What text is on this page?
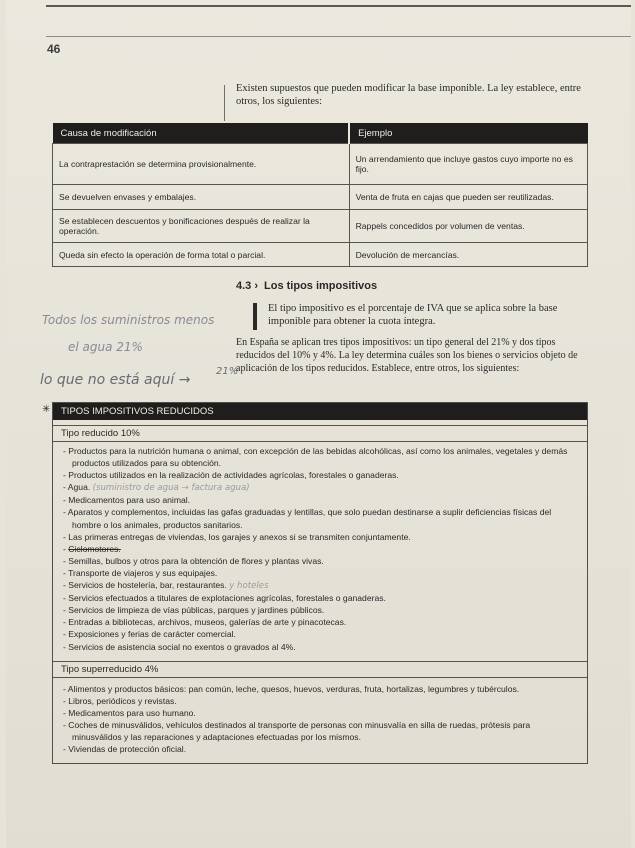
46
Existen supuestos que pueden modificar la base imponible. La ley establece, entre otros, los siguientes:
Causa de modificación	Ejemplo
La contraprestación se determina provisionalmente.	Un arrendamiento que incluye gastos cuyo importe no es fijo.
Se devuelven envases y embalajes.	Venta de fruta en cajas que pueden ser reutilizadas.
Se establecen descuentos y bonificaciones después de realizar la operación.	Rappels concedidos por volumen de ventas.
Queda sin efecto la operación de forma total o parcial.	Devolución de mercancías.
4.3 › Los tipos impositivos
El tipo impositivo es el porcentaje de IVA que se aplica sobre la base imponible para obtener la cuota íntegra.
En España se aplican tres tipos impositivos: un tipo general del 21% y dos tipos reducidos del 10% y 4%. La ley determina cuáles son los bienes o servicios objeto de aplicación de los tipos reducidos. Establece, entre otros, los siguientes:
Todos los suministros menos
el agua 21%
lo que no está aquí →
21%
✳	TIPOS IMPOSITIVOS REDUCIDOS
Tipo reducido 10%
- Productos para la nutrición humana o animal, con excepción de las bebidas alcohólicas, así como los animales, vegetales y demás productos utilizados para su obtención.
- Productos utilizados en la realización de actividades agrícolas, forestales o ganaderas.
- Agua. (suministro de agua → factura agua)
- Medicamentos para uso animal.
- Aparatos y complementos, incluidas las gafas graduadas y lentillas, que solo puedan destinarse a suplir deficiencias físicas del hombre o los animales, productos sanitarios.
- Las primeras entregas de viviendas, los garajes y anexos si se transmiten conjuntamente.
- Ciclomotores.
- Semillas, bulbos y otros para la obtención de flores y plantas vivas.
- Transporte de viajeros y sus equipajes.
- Servicios de hostelería, bar, restaurantes. y hoteles
- Servicios efectuados a titulares de explotaciones agrícolas, forestales o ganaderas.
- Servicios de limpieza de vías públicas, parques y jardines públicos.
- Entradas a bibliotecas, archivos, museos, galerías de arte y pinacotecas.
- Exposiciones y ferias de carácter comercial.
- Servicios de asistencia social no exentos o gravados al 4%.
Tipo superreducido 4%
- Alimentos y productos básicos: pan común, leche, quesos, huevos, verduras, fruta, hortalizas, legumbres y tubérculos.
- Libros, periódicos y revistas.
- Medicamentos para uso humano.
- Coches de minusválidos, vehículos destinados al transporte de personas con minusvalía en silla de ruedas, prótesis para minusválidos y las reparaciones y adaptaciones efectuadas por los mismos.
- Viviendas de protección oficial.
